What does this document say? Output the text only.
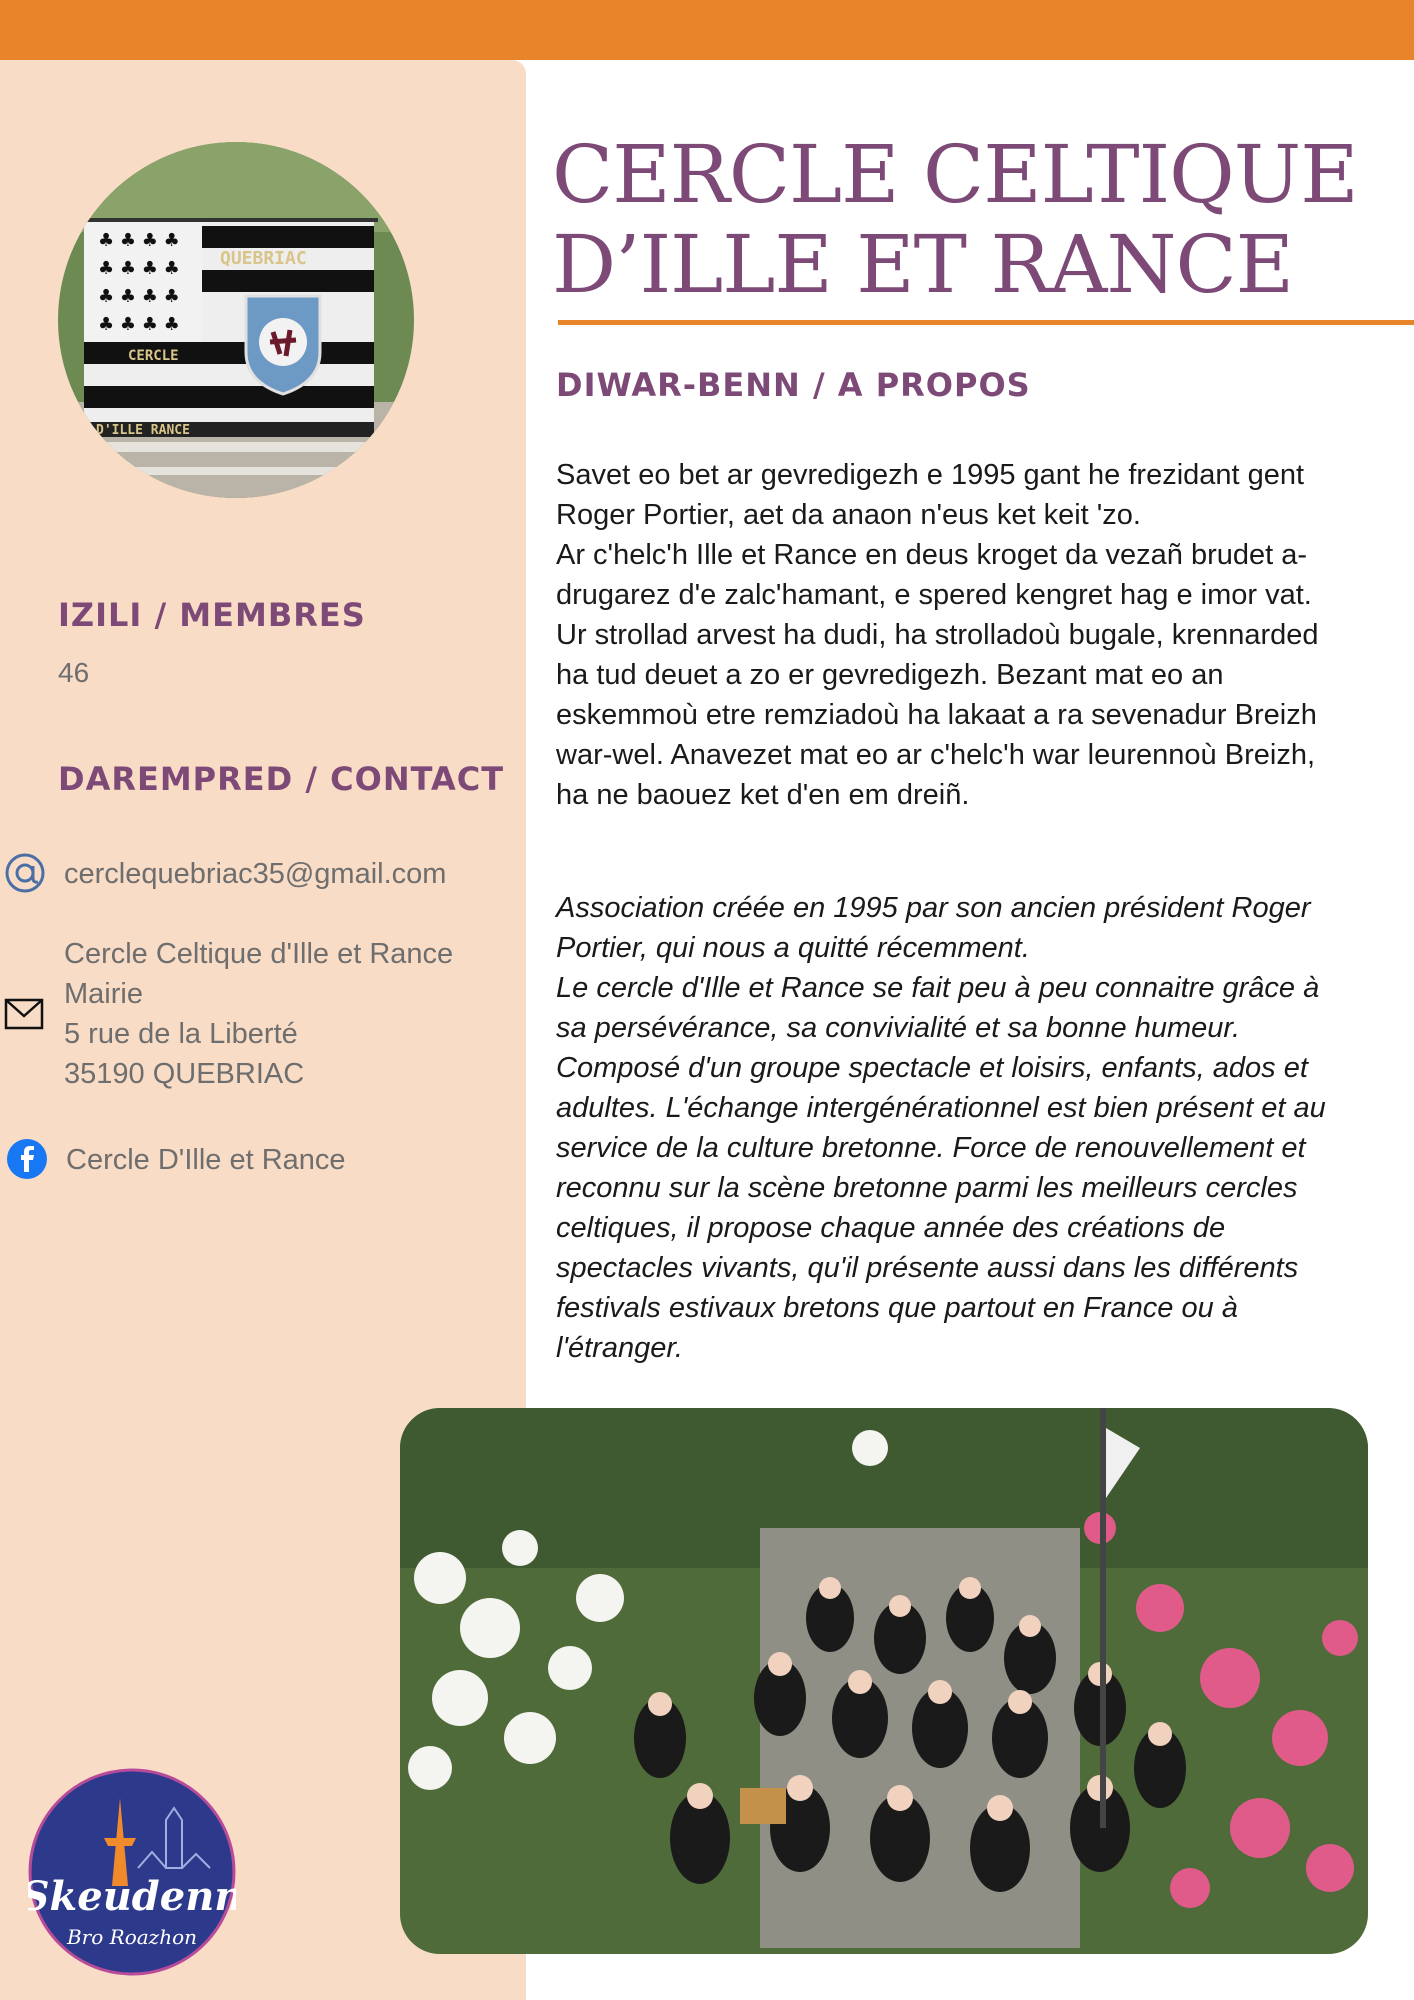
♣ ♣ ♣ ♣
♣ ♣ ♣ ♣
♣ ♣ ♣ ♣
♣ ♣ ♣ ♣
QUEBRIAC
CERCLE
D'ILLE RANCE
IZILI / MEMBRES
46
DAREMPRED / CONTACT
cerclequebriac35@gmail.com
Cercle Celtique d'Ille et Rance
Mairie
5 rue de la Liberté
35190 QUEBRIAC
Cercle D'Ille et Rance
Skeudenn
Bro Roazhon
CERCLE CELTIQUE
D’ILLE ET RANCE
DIWAR-BENN / A PROPOS
Savet eo bet ar gevredigezh e 1995 gant he frezidant gent
Roger Portier, aet da anaon n'eus ket keit 'zo.
Ar c'helc'h Ille et Rance en deus kroget da vezañ brudet a-
drugarez d'e zalc'hamant, e spered kengret hag e imor vat.
Ur strollad arvest ha dudi, ha strolladoù bugale, krennarded
ha tud deuet a zo er gevredigezh. Bezant mat eo an
eskemmoù etre remziadoù ha lakaat a ra sevenadur Breizh
war-wel. Anavezet mat eo ar c'helc'h war leurennoù Breizh,
ha ne baouez ket d'en em dreiñ.
Association créée en 1995 par son ancien président Roger
Portier, qui nous a quitté récemment.
Le cercle d'Ille et Rance se fait peu à peu connaitre grâce à
sa persévérance, sa convivialité et sa bonne humeur.
Composé d'un groupe spectacle et loisirs, enfants, ados et
adultes. L'échange intergénérationnel est bien présent et au
service de la culture bretonne. Force de renouvellement et
reconnu sur la scène bretonne parmi les meilleurs cercles
celtiques, il propose chaque année des créations de
spectacles vivants, qu'il présente aussi dans les différents
festivals estivaux bretons que partout en France ou à
l'étranger.
